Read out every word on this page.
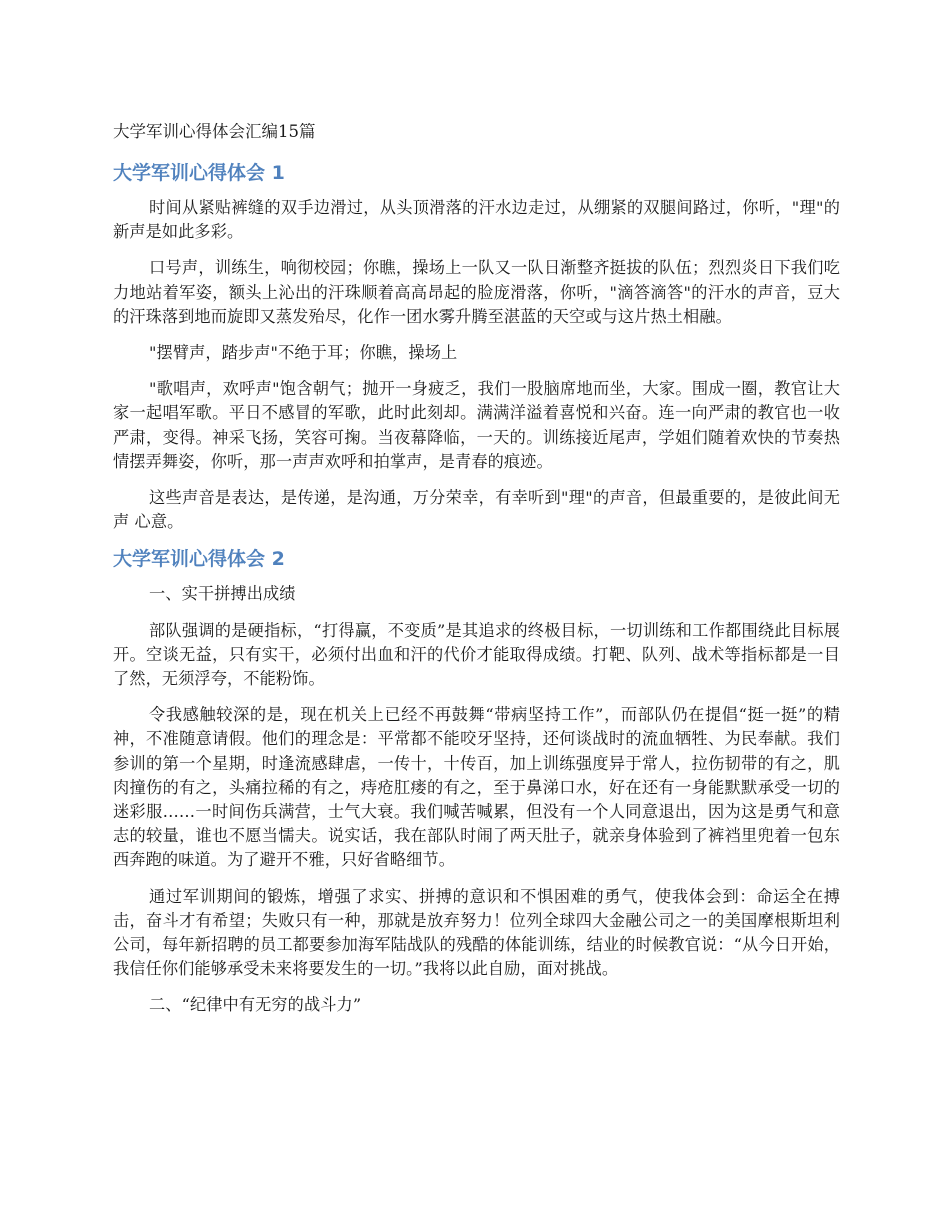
大学军训心得体会汇编15篇
大学军训心得体会 1

时间从紧贴裤缝的双手边滑过，从头顶滑落的汗水边走过，从绷紧的双腿间路过，你听，"理"的新声是如此多彩。

口号声，训练生，响彻校园；你瞧，操场上一队又一队日渐整齐挺拔的队伍；烈烈炎日下我们吃力地站着军姿，额头上沁出的汗珠顺着高高昂起的脸庞滑落，你听，"滴答滴答"的汗水的声音，豆大的汗珠落到地而旋即又蒸发殆尽，化作一团水雾升腾至湛蓝的天空或与这片热土相融。

"摆臂声，踏步声"不绝于耳；你瞧，操场上

"歌唱声，欢呼声"饱含朝气；抛开一身疲乏，我们一股脑席地而坐，大家。围成一圈，教官让大家一起唱军歌。平日不感冒的军歌，此时此刻却。满满洋溢着喜悦和兴奋。连一向严肃的教官也一收严肃，变得。神采飞扬，笑容可掬。当夜幕降临，一天的。训练接近尾声，学姐们随着欢快的节奏热情摆弄舞姿，你听，那一声声欢呼和拍掌声，是青春的痕迹。

这些声音是表达，是传递，是沟通，万分荣幸，有幸听到"理"的声音，但最重要的，是彼此间无声 心意。

大学军训心得体会 2

一、实干拼搏出成绩

部队强调的是硬指标，“打得赢，不变质”是其追求的终极目标，一切训练和工作都围绕此目标展开。空谈无益，只有实干，必须付出血和汗的代价才能取得成绩。打靶、队列、战术等指标都是一目了然，无须浮夸，不能粉饰。

令我感触较深的是，现在机关上已经不再鼓舞“带病坚持工作”，而部队仍在提倡“挺一挺”的精神，不准随意请假。他们的理念是：平常都不能咬牙坚持，还何谈战时的流血牺牲、为民奉献。我们参训的第一个星期，时逢流感肆虐，一传十，十传百，加上训练强度异于常人，拉伤韧带的有之，肌肉撞伤的有之，头痛拉稀的有之，痔疮肛瘘的有之，至于鼻涕口水，好在还有一身能默默承受一切的迷彩服……一时间伤兵满营，士气大衰。我们喊苦喊累，但没有一个人同意退出，因为这是勇气和意志的较量，谁也不愿当懦夫。说实话，我在部队时闹了两天肚子，就亲身体验到了裤裆里兜着一包东西奔跑的味道。为了避开不雅，只好省略细节。

通过军训期间的锻炼，增强了求实、拼搏的意识和不惧困难的勇气，使我体会到：命运全在搏击，奋斗才有希望；失败只有一种，那就是放弃努力！位列全球四大金融公司之一的美国摩根斯坦利公司，每年新招聘的员工都要参加海军陆战队的残酷的体能训练，结业的时候教官说：“从今日开始，我信任你们能够承受未来将要发生的一切。”我将以此自励，面对挑战。

二、“纪律中有无穷的战斗力”
